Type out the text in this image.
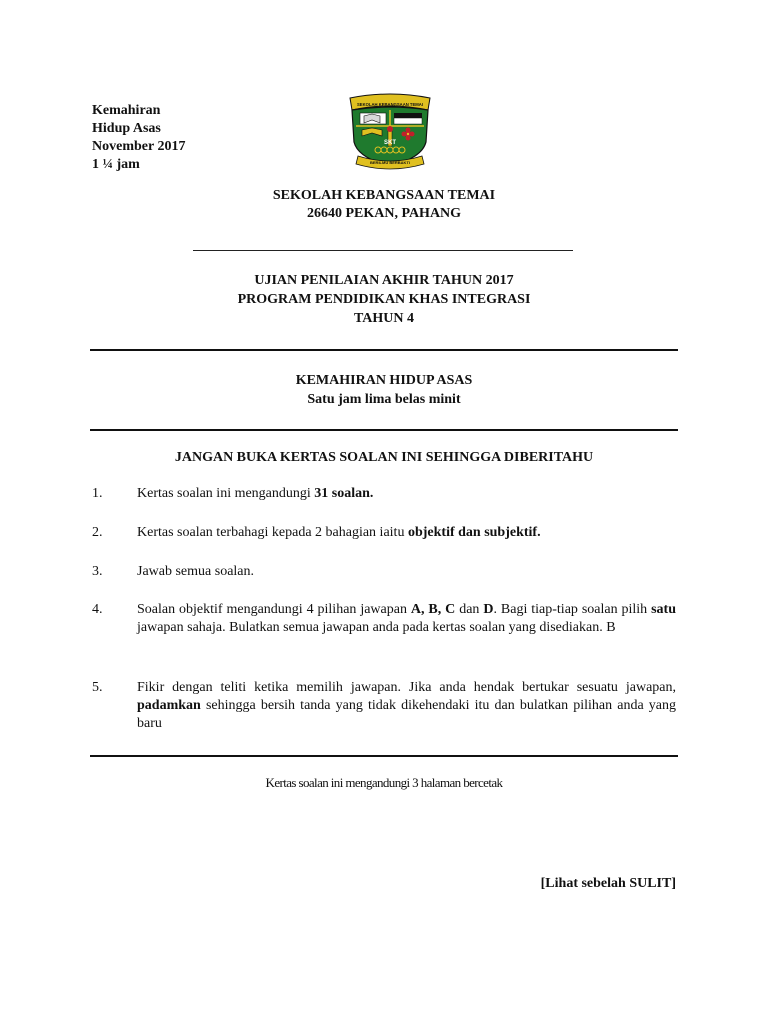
Kemahiran
Hidup Asas
November 2017
1 ¼ jam
SEKOLAH KEBANGSAAN TEMAI
SKT
BERILMU BERBAKTI
SEKOLAH KEBANGSAAN TEMAI
26640 PEKAN, PAHANG
UJIAN PENILAIAN AKHIR TAHUN 2017
PROGRAM PENDIDIKAN KHAS INTEGRASI
TAHUN 4
KEMAHIRAN HIDUP ASAS
Satu jam lima belas minit
JANGAN BUKA KERTAS SOALAN INI SEHINGGA DIBERITAHU
1. Kertas soalan ini mengandungi 31 soalan.
2. Kertas soalan terbahagi kepada 2 bahagian iaitu objektif dan subjektif.
3. Jawab semua soalan.
4. Soalan objektif mengandungi 4 pilihan jawapan A, B, C dan D. Bagi tiap-tiap soalan pilih satu jawapan sahaja. Bulatkan semua jawapan anda pada kertas soalan yang disediakan. B
5. Fikir dengan teliti ketika memilih jawapan. Jika anda hendak bertukar sesuatu jawapan, padamkan sehingga bersih tanda yang tidak dikehendaki itu dan bulatkan pilihan anda yang baru
Kertas soalan ini mengandungi 3 halaman bercetak
[Lihat sebelah SULIT]
